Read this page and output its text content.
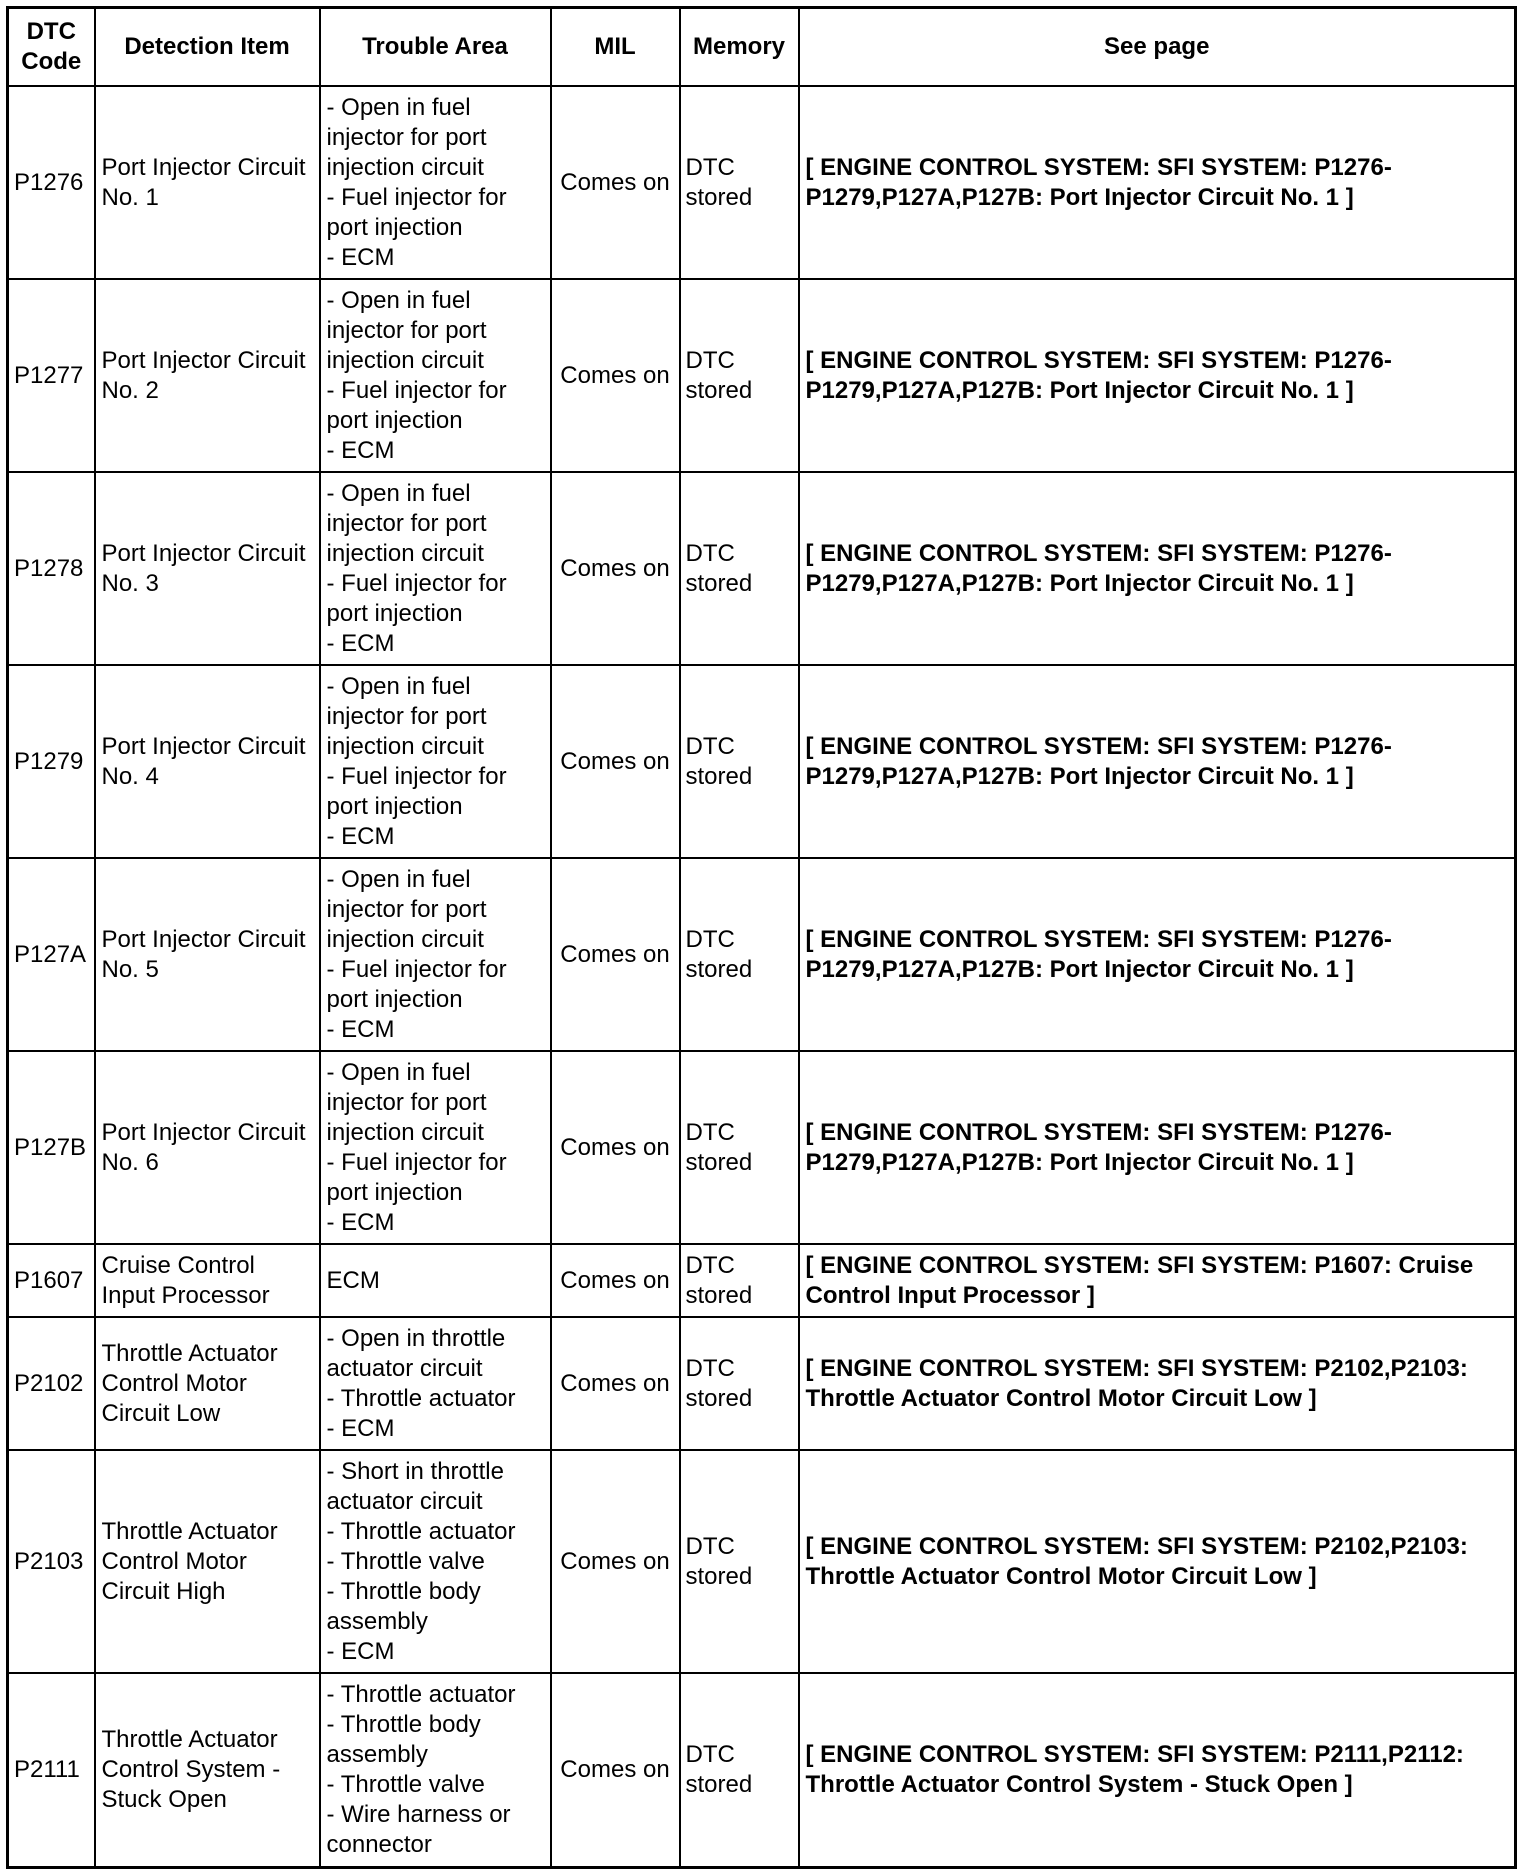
DTC Code	Detection Item	Trouble Area	MIL	Memory	See page
P1276	Port Injector Circuit No. 1	- Open in fuel injector for port injection circuit
- Fuel injector for port injection
- ECM	Comes on	DTC stored	[ ENGINE CONTROL SYSTEM: SFI SYSTEM: P1276-P1279,P127A,P127B: Port Injector Circuit No. 1 ]
P1277	Port Injector Circuit No. 2	- Open in fuel injector for port injection circuit
- Fuel injector for port injection
- ECM	Comes on	DTC stored	[ ENGINE CONTROL SYSTEM: SFI SYSTEM: P1276-P1279,P127A,P127B: Port Injector Circuit No. 1 ]
P1278	Port Injector Circuit No. 3	- Open in fuel injector for port injection circuit
- Fuel injector for port injection
- ECM	Comes on	DTC stored	[ ENGINE CONTROL SYSTEM: SFI SYSTEM: P1276-P1279,P127A,P127B: Port Injector Circuit No. 1 ]
P1279	Port Injector Circuit No. 4	- Open in fuel injector for port injection circuit
- Fuel injector for port injection
- ECM	Comes on	DTC stored	[ ENGINE CONTROL SYSTEM: SFI SYSTEM: P1276-P1279,P127A,P127B: Port Injector Circuit No. 1 ]
P127A	Port Injector Circuit No. 5	- Open in fuel injector for port injection circuit
- Fuel injector for port injection
- ECM	Comes on	DTC stored	[ ENGINE CONTROL SYSTEM: SFI SYSTEM: P1276-P1279,P127A,P127B: Port Injector Circuit No. 1 ]
P127B	Port Injector Circuit No. 6	- Open in fuel injector for port injection circuit
- Fuel injector for port injection
- ECM	Comes on	DTC stored	[ ENGINE CONTROL SYSTEM: SFI SYSTEM: P1276-P1279,P127A,P127B: Port Injector Circuit No. 1 ]
P1607	Cruise Control Input Processor	ECM	Comes on	DTC stored	[ ENGINE CONTROL SYSTEM: SFI SYSTEM: P1607: Cruise Control Input Processor ]
P2102	Throttle Actuator Control Motor Circuit Low	- Open in throttle actuator circuit
- Throttle actuator
- ECM	Comes on	DTC stored	[ ENGINE CONTROL SYSTEM: SFI SYSTEM: P2102,P2103: Throttle Actuator Control Motor Circuit Low ]
P2103	Throttle Actuator Control Motor Circuit High	- Short in throttle actuator circuit
- Throttle actuator
- Throttle valve
- Throttle body assembly
- ECM	Comes on	DTC stored	[ ENGINE CONTROL SYSTEM: SFI SYSTEM: P2102,P2103: Throttle Actuator Control Motor Circuit Low ]
P2111	Throttle Actuator Control System - Stuck Open	- Throttle actuator
- Throttle body assembly
- Throttle valve
- Wire harness or connector	Comes on	DTC stored	[ ENGINE CONTROL SYSTEM: SFI SYSTEM: P2111,P2112: Throttle Actuator Control System - Stuck Open ]
